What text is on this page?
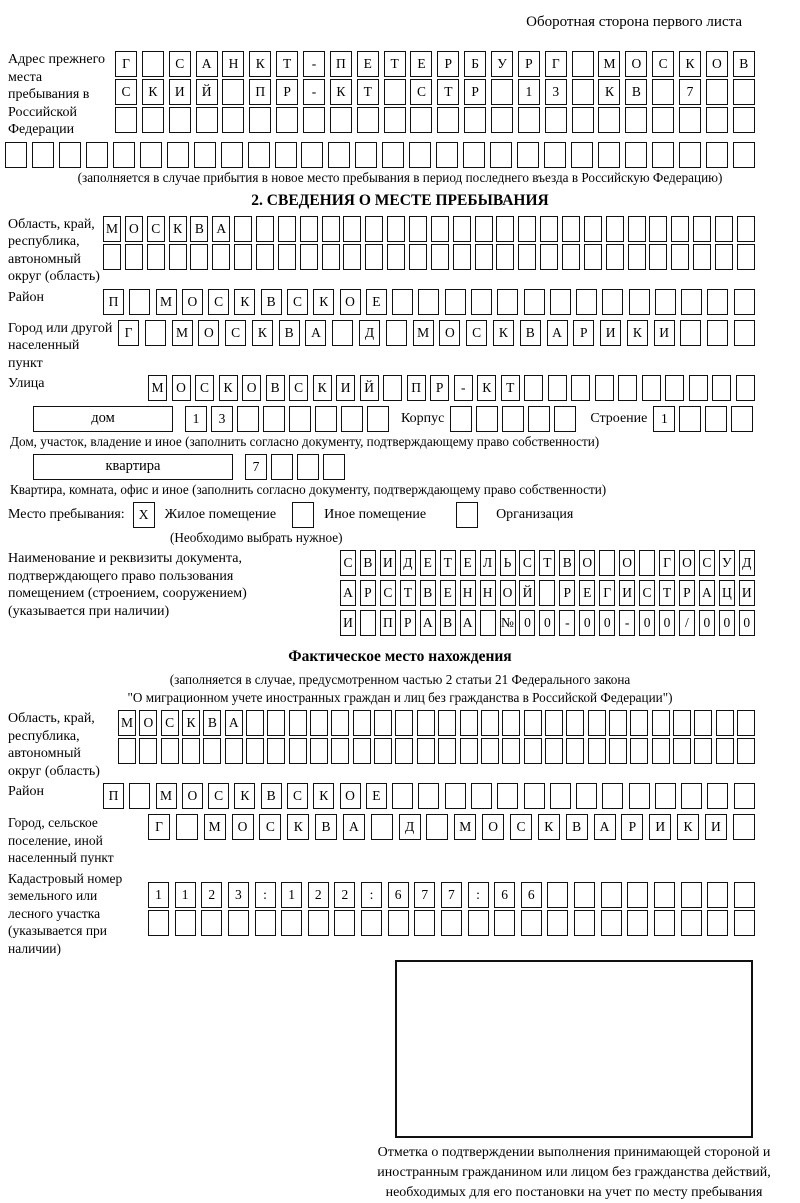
Оборотная сторона первого листа
Адрес прежнего места пребывания в Российской Федерации
Г	С	А	Н	К	Т	-	П	Е	Т	Е	Р	Б	У	Р	Г	М	О	С	К	О	В
С	К	И	Й	П	Р	-	К	Т	С	Т	Р	1	3	К	В	7
(заполняется в случае прибытия в новое место пребывания в период последнего въезда в Российскую Федерацию)
2. СВЕДЕНИЯ О МЕСТЕ ПРЕБЫВАНИЯ
Область, край, республика, автономный округ (область)
М О С К В А
Район	П	М	О	С	К	В	С	К	О	Е
Город или другой населенный пункт
Г	М	О	С	К	В	А	Д	М	О	С	К	В	А	Р	И	К	И
Улица	М О	С	К	О	В	С	К	И	Й	П	Р	-	К	Т
дом	1	3	Корпус	Строение	1
Дом, участок, владение и иное (заполнить согласно документу, подтверждающему право собственности)
квартира	7
Квартира, комната, офис и иное (заполнить согласно документу, подтверждающему право собственности)
Место пребывания:	X	Жилое помещение	Иное помещение	Организация
(Необходимо выбрать нужное)
Наименование и реквизиты документа, подтверждающего право пользования помещением (строением, сооружением) (указывается при наличии)
С В И Д Е Т Е Л Ь С Т В О О	Г О С У Д
А Р С Т В Е Н Н О Й	Р Е Г И С Т Р А Ц И
И П Р А В А № 0 0	-	0 0	-	0 0	/	0 0 0
Фактическое место нахождения
(заполняется в случае, предусмотренном частью 2 статьи 21 Федерального закона
"О миграционном учете иностранных граждан и лиц без гражданства в Российской Федерации")
Область, край, республика, автономный округ (область)
М О С К В А
Район	П	М	О	С	К	В	С	К	О	Е
Город, сельское поселение, иной населенный пункт
Г	М	О	С	К	В	А	Д	М	О	С	К	В	А	Р	И	К	И
Кадастровый номер земельного или лесного участка (указывается при наличии)
1	1	2	3	:	1	2	2	:	6	7	7	:	6	6
Отметка о подтверждении выполнения принимающей стороной и иностранным гражданином или лицом без гражданства действий, необходимых для его постановки на учет по месту пребывания
